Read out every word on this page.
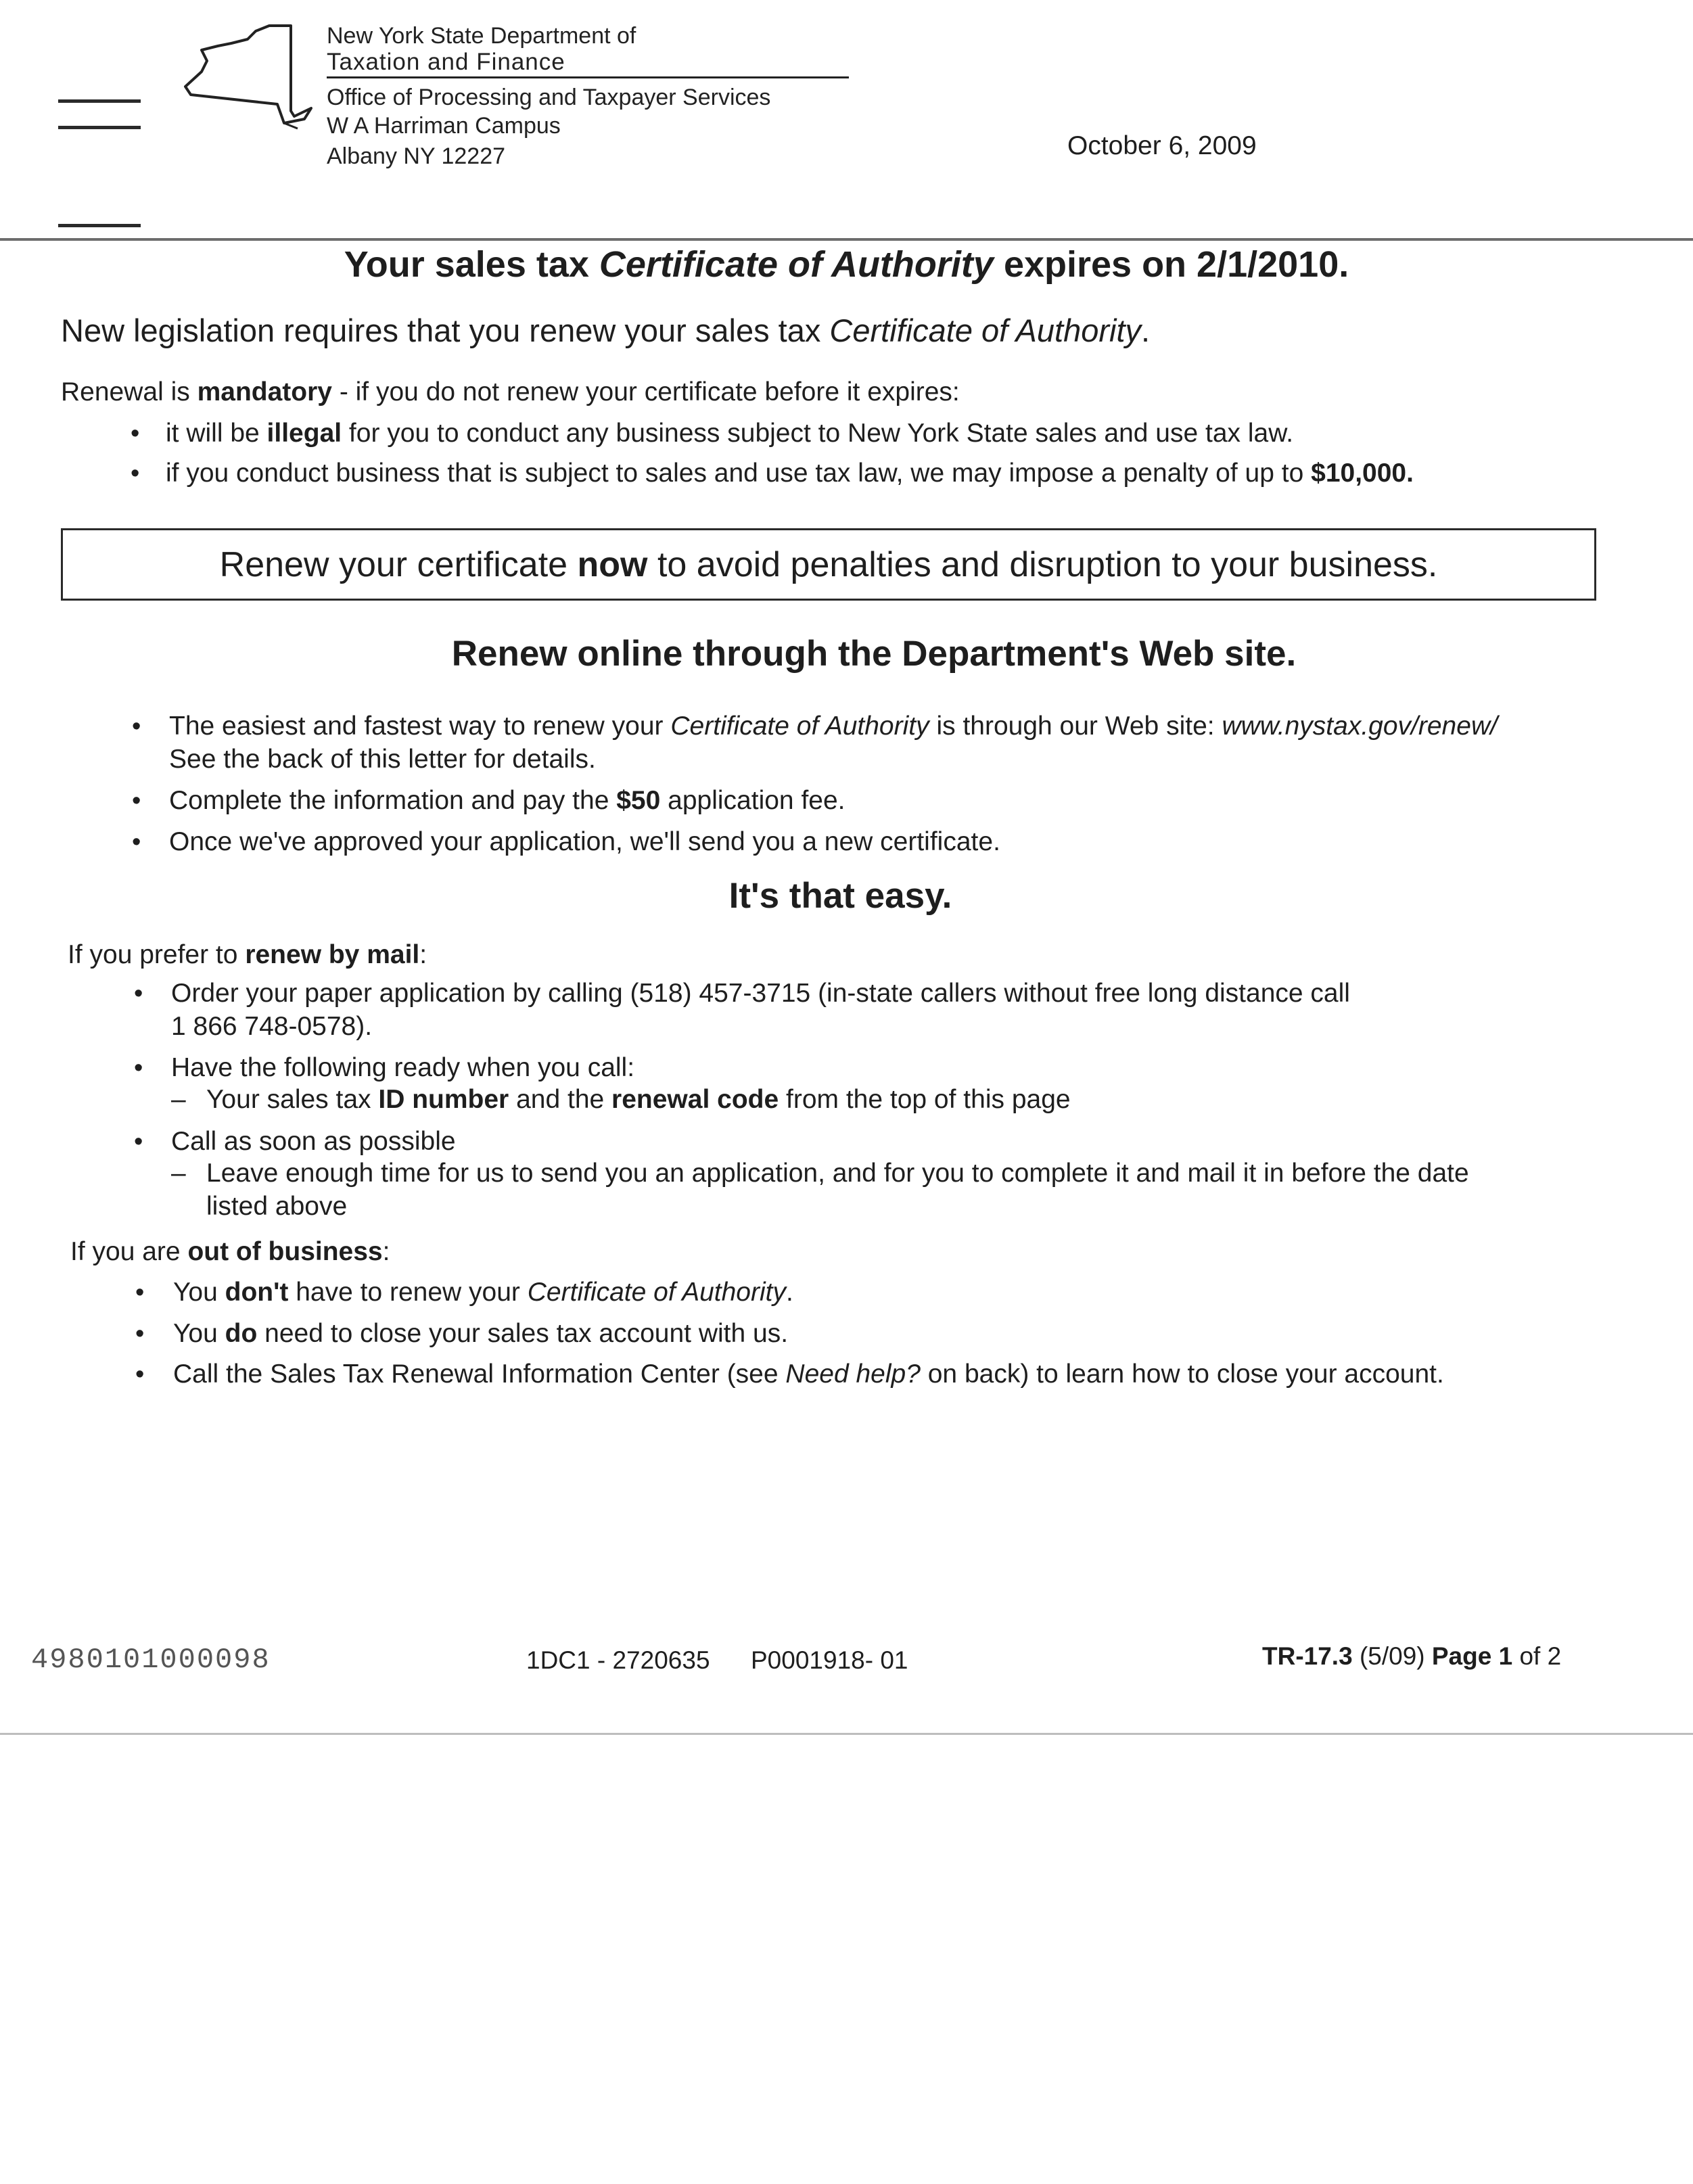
New York State Department of
Taxation and Finance
Office of Processing and Taxpayer Services
W A Harriman Campus
Albany NY 12227	October 6, 2009
Your sales tax Certificate of Authority expires on 2/1/2010.
New legislation requires that you renew your sales tax Certificate of Authority.
Renewal is mandatory - if you do not renew your certificate before it expires:
• it will be illegal for you to conduct any business subject to New York State sales and use tax law.
• if you conduct business that is subject to sales and use tax law, we may impose a penalty of up to $10,000.
Renew your certificate now to avoid penalties and disruption to your business.
Renew online through the Department's Web site.
• The easiest and fastest way to renew your Certificate of Authority is through our Web site: www.nystax.gov/renew/
See the back of this letter for details.
• Complete the information and pay the $50 application fee.
• Once we've approved your application, we'll send you a new certificate.
It's that easy.
If you prefer to renew by mail:
• Order your paper application by calling (518) 457-3715 (in-state callers without free long distance call
1 866 748-0578).
• Have the following ready when you call:
– Your sales tax ID number and the renewal code from the top of this page
• Call as soon as possible
– Leave enough time for us to send you an application, and for you to complete it and mail it in before the date
listed above
If you are out of business:
• You don't have to renew your Certificate of Authority.
• You do need to close your sales tax account with us.
• Call the Sales Tax Renewal Information Center (see Need help? on back) to learn how to close your account.
4980101000098	1DC1 - 2720635 P0001918- 01	TR-17.3 (5/09) Page 1 of 2
